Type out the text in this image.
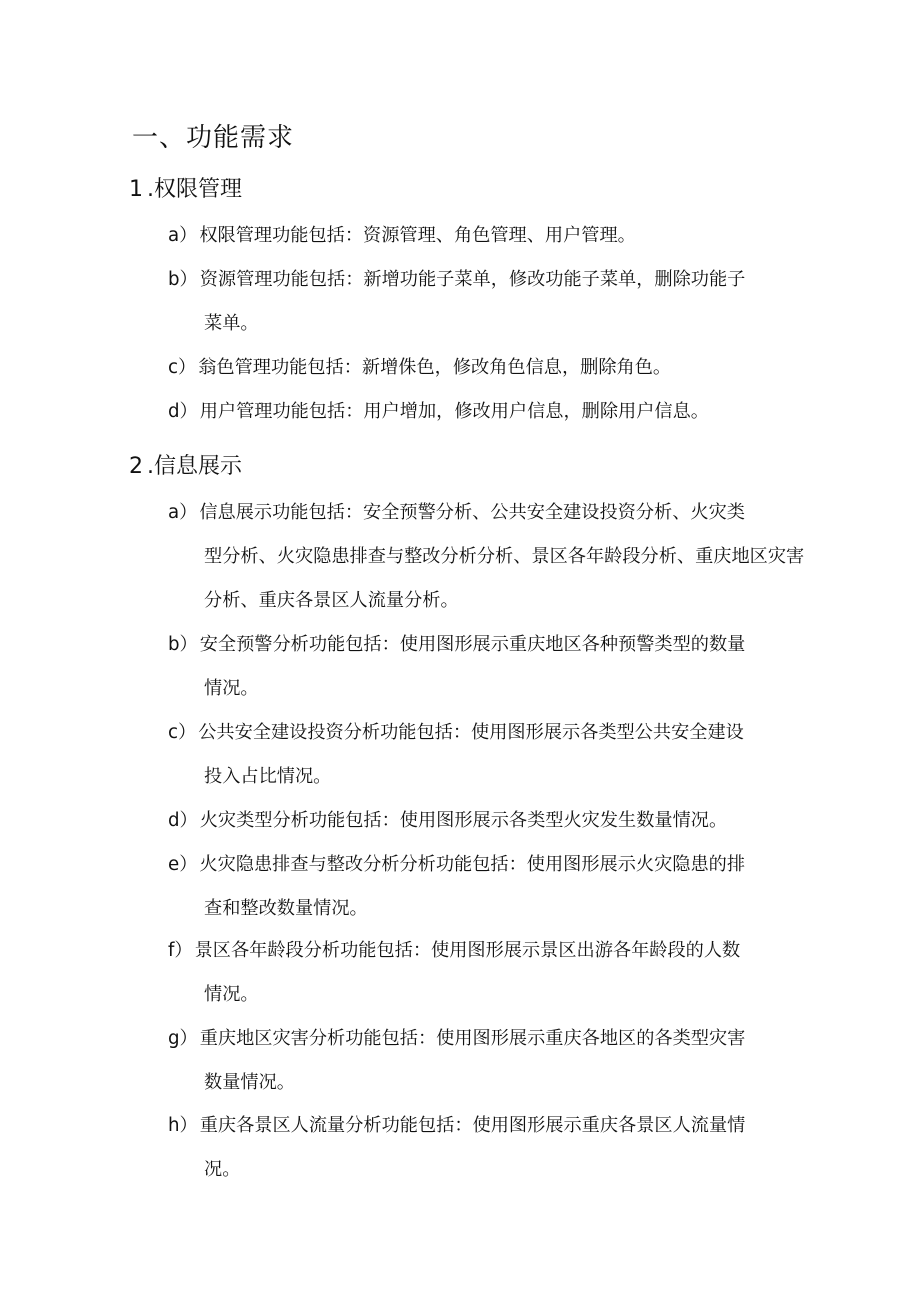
一、功能需求
1 .权限管理
a） 权限管理功能包括：资源管理、角色管理、用户管理。
b） 资源管理功能包括：新增功能子菜单，修改功能子菜单，删除功能子
菜单。
c） 翁色管理功能包括：新增侏色，修改角色信息，删除角色。
d） 用户管理功能包括：用户增加，修改用户信息，删除用户信息。
2 .信息展示
a） 信息展示功能包括：安全预警分析、公共安全建设投资分析、火灾类
型分析、火灾隐患排查与整改分析分析、景区各年龄段分析、重庆地区灾害分析、重庆各景区人流量分析。
b） 安全预警分析功能包括：使用图形展示重庆地区各种预警类型的数量
情况。
c） 公共安全建设投资分析功能包括：使用图形展示各类型公共安全建设
投入占比情况。
d） 火灾类型分析功能包括：使用图形展示各类型火灾发生数量情况。
e） 火灾隐患排查与整改分析分析功能包括：使用图形展示火灾隐患的排
查和整改数量情况。
f） 景区各年龄段分析功能包括：使用图形展示景区出游各年龄段的人数
情况。
g） 重庆地区灾害分析功能包括：使用图形展示重庆各地区的各类型灾害
数量情况。
h） 重庆各景区人流量分析功能包括：使用图形展示重庆各景区人流量情
况。
